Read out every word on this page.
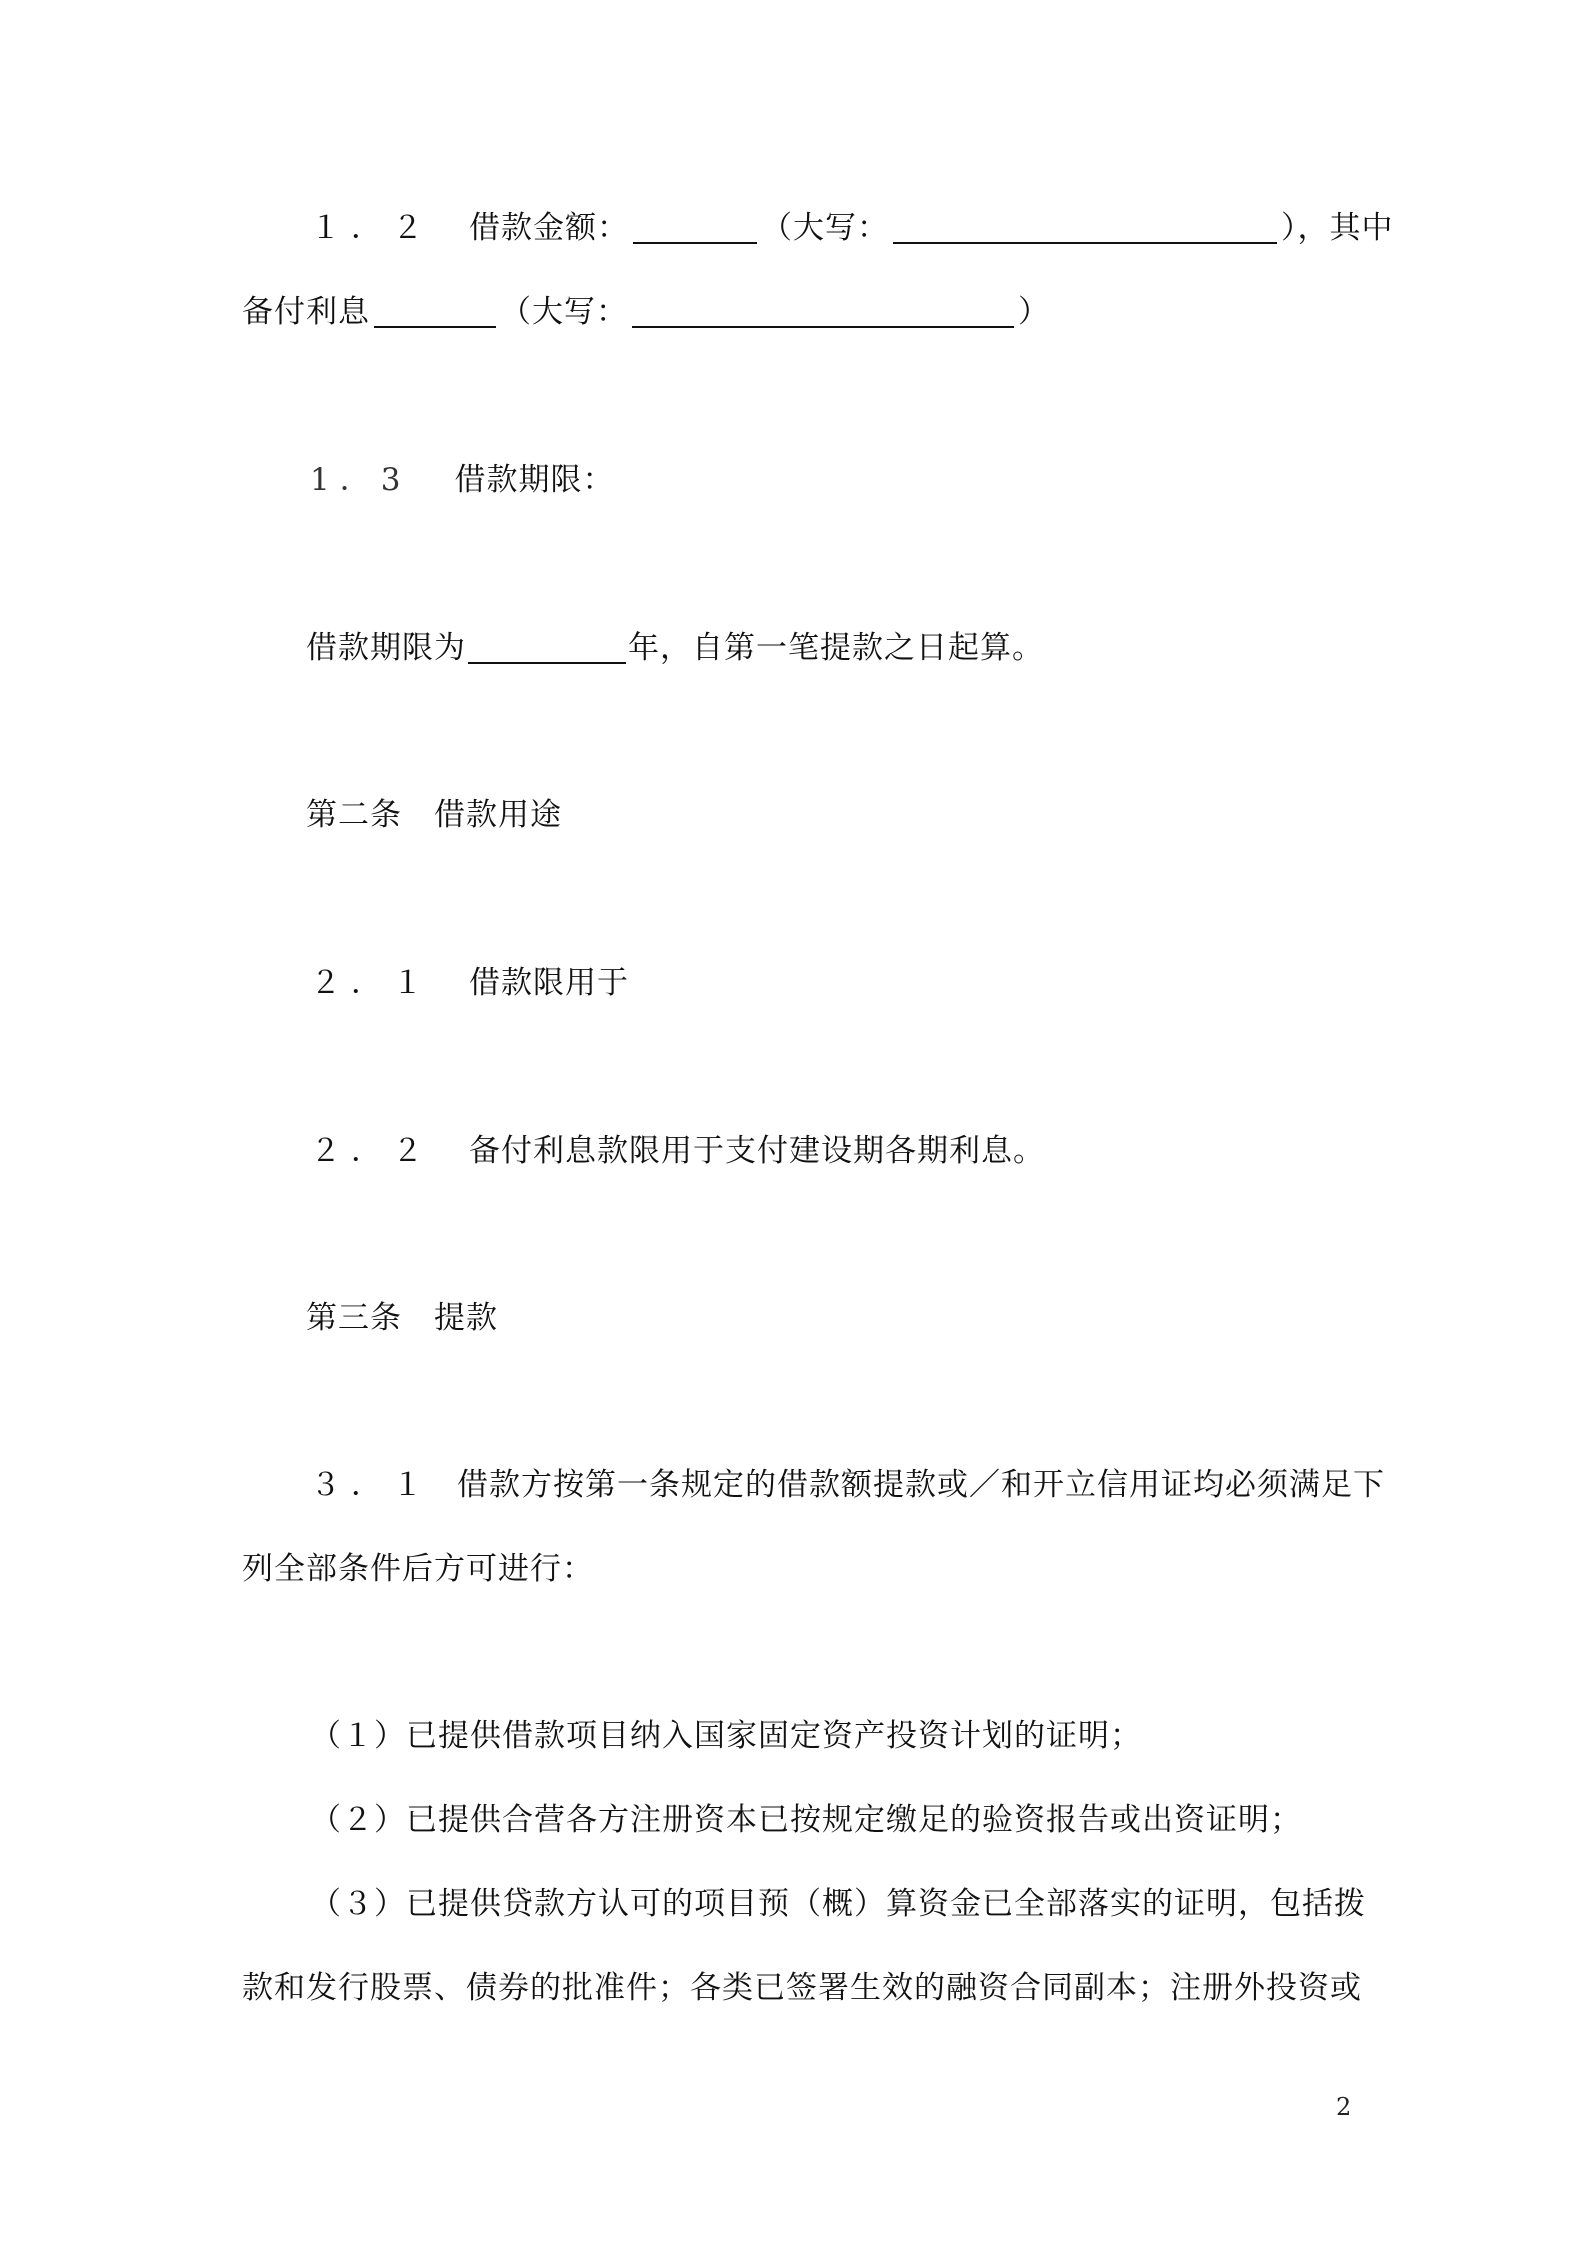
１．２ 借款金额：	（大写：	），其中
备付利息	（大写：	）
1．3 借款期限：
借款期限为	年，自第一笔提款之日起算。
第二条 借款用途
２．１ 借款限用于
２．２ 备付利息款限用于支付建设期各期利息。
第三条 提款
３．１ 借款方按第一条规定的借款额提款或／和开立信用证均必须满足下
列全部条件后方可进行：
（１）已提供借款项目纳入国家固定资产投资计划的证明；
（２）已提供合营各方注册资本已按规定缴足的验资报告或出资证明；
（３）已提供贷款方认可的项目预（概）算资金已全部落实的证明，包括拨
款和发行股票、债券的批准件；各类已签署生效的融资合同副本；注册外投资或
2
